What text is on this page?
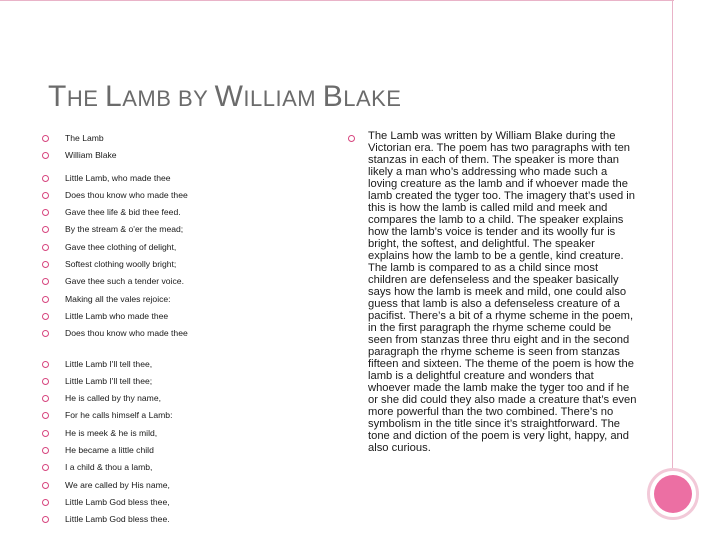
THE LAMB BY WILLIAM BLAKE
The Lamb
William Blake
Little Lamb, who made thee
Does thou know who made thee
Gave thee life & bid thee feed.
By the stream & o'er the mead;
Gave thee clothing of delight,
Softest clothing woolly bright;
Gave thee such a tender voice.
Making all the vales rejoice:
Little Lamb who made thee
Does thou know who made thee
Little Lamb I'll tell thee,
Little Lamb I'll tell thee;
He is called by thy name,
For he calls himself a Lamb:
He is meek & he is mild,
He became a little child
I a child & thou a lamb,
We are called by His name,
Little Lamb God bless thee,
Little Lamb God bless thee.
The Lamb was written by William Blake during the Victorian era. The poem has two paragraphs with ten stanzas in each of them. The speaker is more than likely a man who’s addressing who made such a loving creature as the lamb and if whoever made the lamb created the tyger too. The imagery that’s used in this is how the lamb is called mild and meek and compares the lamb to a child. The speaker explains how the lamb’s voice is tender and its woolly fur is bright, the softest, and delightful. The speaker explains how the lamb to be a gentle, kind creature. The lamb is compared to as a child since most children are defenseless and the speaker basically says how the lamb is meek and mild, one could also guess that lamb is also a defenseless creature of a pacifist. There’s a bit of a rhyme scheme in the poem, in the first paragraph the rhyme scheme could be seen from stanzas three thru eight and in the second paragraph the rhyme scheme is seen from stanzas fifteen and sixteen. The theme of the poem is how the lamb is a delightful creature and wonders that whoever made the lamb make the tyger too and if he or she did could they also made a creature that’s even more powerful than the two combined. There’s no symbolism in the title since it’s straightforward. The tone and diction of the poem is very light, happy, and also curious.
